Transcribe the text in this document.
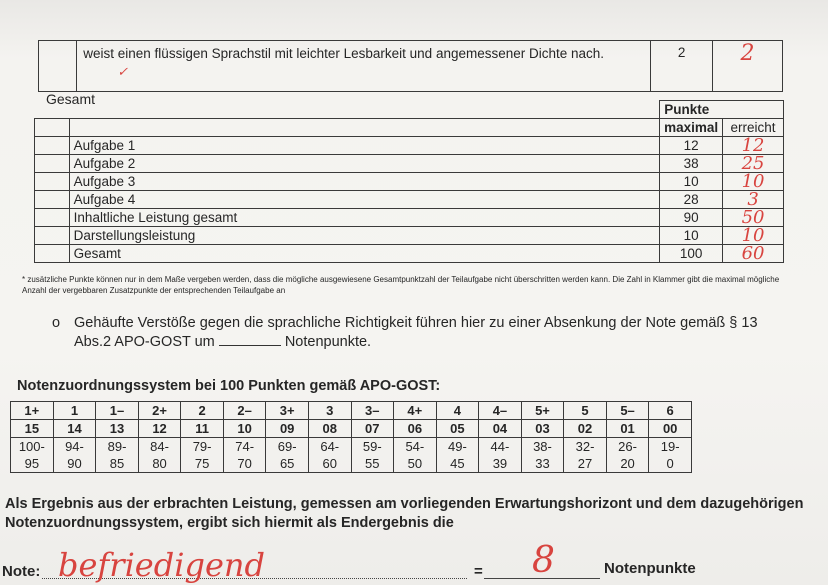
	weist einen flüssigen Sprachstil mit leichter Lesbarkeit und angemessener Dichte nach. ✓	2	2
Gesamt
		Punkte	
		maximal	erreicht
	Aufgabe 1	12	12
	Aufgabe 2	38	25
	Aufgabe 3	10	10
	Aufgabe 4	28	3
	Inhaltliche Leistung gesamt	90	50
	Darstellungsleistung	10	10
	Gesamt	100	60
* zusätzliche Punkte können nur in dem Maße vergeben werden, dass die mögliche ausgewiesene Gesamtpunktzahl der Teilaufgabe nicht überschritten werden kann. Die Zahl in Klammer gibt die maximal mögliche Anzahl der vergebbaren Zusatzpunkte der entsprechenden Teilaufgabe an
o Gehäufte Verstöße gegen die sprachliche Richtigkeit führen hier zu einer Absenkung der Note gemäß § 13 Abs.2 APO-GOST um	Notenpunkte.
Notenzuordnungssystem bei 100 Punkten gemäß APO-GOST:
1+	1	1–	2+	2	2–	3+	3	3–	4+	4	4–	5+	5	5–	6
15	14	13	12	11	10	09	08	07	06	05	04	03	02	01	00
100-	94-	89-	84-	79-	74-	69-	64-	59-	54-	49-	44-	38-	32-	26-	19-
95	90	85	80	75	70	65	60	55	50	45	39	33	27	20	0
Als Ergebnis aus der erbrachten Leistung, gemessen am vorliegenden Erwartungshorizont und dem dazugehörigen Notenzuordnungssystem, ergibt sich hiermit als Endergebnis die
Note: befriedigend	= 8	Notenpunkte
